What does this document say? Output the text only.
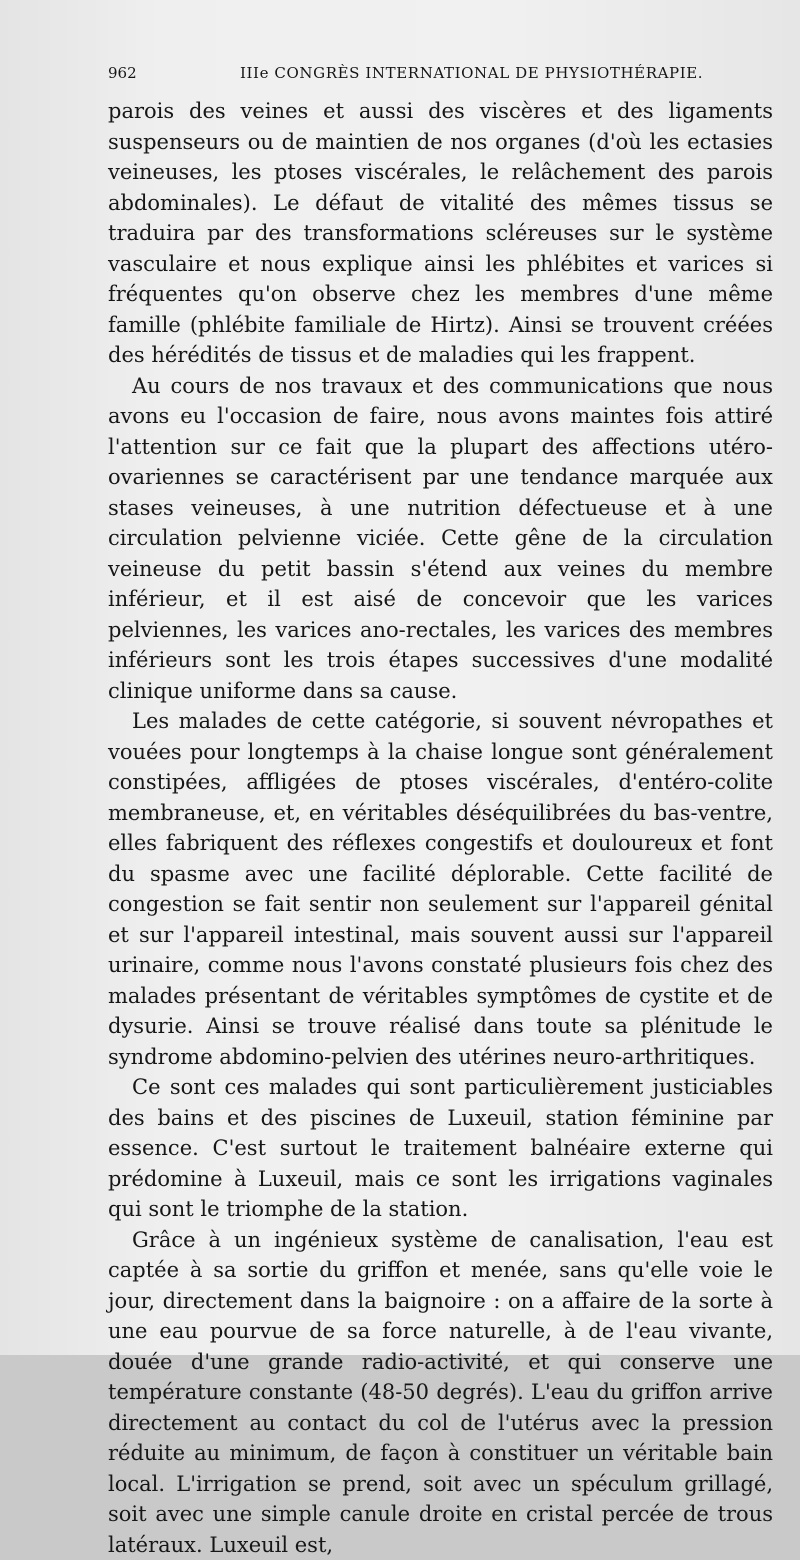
962	IIIe CONGRÈS INTERNATIONAL DE PHYSIOTHÉRAPIE.

parois des veines et aussi des viscères et des ligaments suspenseurs ou de maintien de nos organes (d'où les ectasies veineuses, les ptoses viscérales, le relâchement des parois abdominales). Le défaut de vitalité des mêmes tissus se traduira par des transformations scléreuses sur le système vasculaire et nous explique ainsi les phlébites et varices si fréquentes qu'on observe chez les membres d'une même famille (phlébite familiale de Hirtz). Ainsi se trouvent créées des hérédités de tissus et de maladies qui les frappent.

Au cours de nos travaux et des communications que nous avons eu l'occasion de faire, nous avons maintes fois attiré l'attention sur ce fait que la plupart des affections utéro-ovariennes se caractérisent par une tendance marquée aux stases veineuses, à une nutrition défectueuse et à une circulation pelvienne viciée. Cette gêne de la circulation veineuse du petit bassin s'étend aux veines du membre inférieur, et il est aisé de concevoir que les varices pelviennes, les varices ano-rectales, les varices des membres inférieurs sont les trois étapes successives d'une modalité clinique uniforme dans sa cause.

Les malades de cette catégorie, si souvent névropathes et vouées pour longtemps à la chaise longue sont généralement constipées, affligées de ptoses viscérales, d'entéro-colite membraneuse, et, en véritables déséquilibrées du bas-ventre, elles fabriquent des réflexes congestifs et douloureux et font du spasme avec une facilité déplorable. Cette facilité de congestion se fait sentir non seulement sur l'appareil génital et sur l'appareil intestinal, mais souvent aussi sur l'appareil urinaire, comme nous l'avons constaté plusieurs fois chez des malades présentant de véritables symptômes de cystite et de dysurie. Ainsi se trouve réalisé dans toute sa plénitude le syndrome abdomino-pelvien des utérines neuro-arthritiques.

Ce sont ces malades qui sont particulièrement justiciables des bains et des piscines de Luxeuil, station féminine par essence. C'est surtout le traitement balnéaire externe qui prédomine à Luxeuil, mais ce sont les irrigations vaginales qui sont le triomphe de la station.

Grâce à un ingénieux système de canalisation, l'eau est captée à sa sortie du griffon et menée, sans qu'elle voie le jour, directement dans la baignoire : on a affaire de la sorte à une eau pourvue de sa force naturelle, à de l'eau vivante, douée d'une grande radio-activité, et qui conserve une température constante (48-50 degrés). L'eau du griffon arrive directement au contact du col de l'utérus avec la pression réduite au minimum, de façon à constituer un véritable bain local. L'irrigation se prend, soit avec un spéculum grillagé, soit avec une simple canule droite en cristal percée de trous latéraux. Luxeuil est,
